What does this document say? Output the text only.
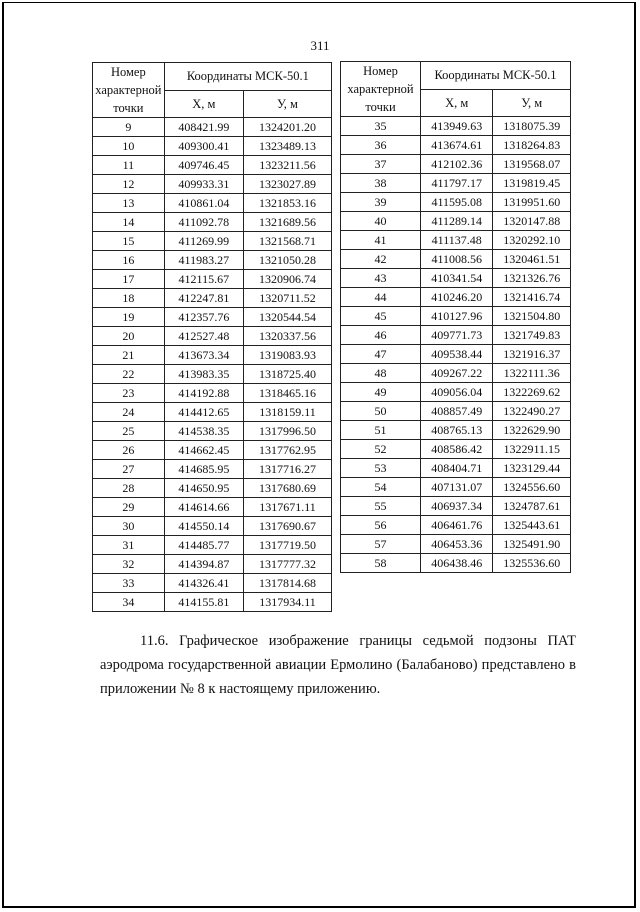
311
Номер характерной точки	Координаты МСК-50.1	
	X, м	У, м
9	408421.99	1324201.20
10	409300.41	1323489.13
11	409746.45	1323211.56
12	409933.31	1323027.89
13	410861.04	1321853.16
14	411092.78	1321689.56
15	411269.99	1321568.71
16	411983.27	1321050.28
17	412115.67	1320906.74
18	412247.81	1320711.52
19	412357.76	1320544.54
20	412527.48	1320337.56
21	413673.34	1319083.93
22	413983.35	1318725.40
23	414192.88	1318465.16
24	414412.65	1318159.11
25	414538.35	1317996.50
26	414662.45	1317762.95
27	414685.95	1317716.27
28	414650.95	1317680.69
29	414614.66	1317671.11
30	414550.14	1317690.67
31	414485.77	1317719.50
32	414394.87	1317777.32
33	414326.41	1317814.68
34	414155.81	1317934.11
Номер характерной точки	Координаты МСК-50.1	
	X, м	У, м
35	413949.63	1318075.39
36	413674.61	1318264.83
37	412102.36	1319568.07
38	411797.17	1319819.45
39	411595.08	1319951.60
40	411289.14	1320147.88
41	411137.48	1320292.10
42	411008.56	1320461.51
43	410341.54	1321326.76
44	410246.20	1321416.74
45	410127.96	1321504.80
46	409771.73	1321749.83
47	409538.44	1321916.37
48	409267.22	1322111.36
49	409056.04	1322269.62
50	408857.49	1322490.27
51	408765.13	1322629.90
52	408586.42	1322911.15
53	408404.71	1323129.44
54	407131.07	1324556.60
55	406937.34	1324787.61
56	406461.76	1325443.61
57	406453.36	1325491.90
58	406438.46	1325536.60
11.6. Графическое изображение границы седьмой подзоны ПАТ аэродрома государственной авиации Ермолино (Балабаново) представлено в приложении № 8 к настоящему приложению.
